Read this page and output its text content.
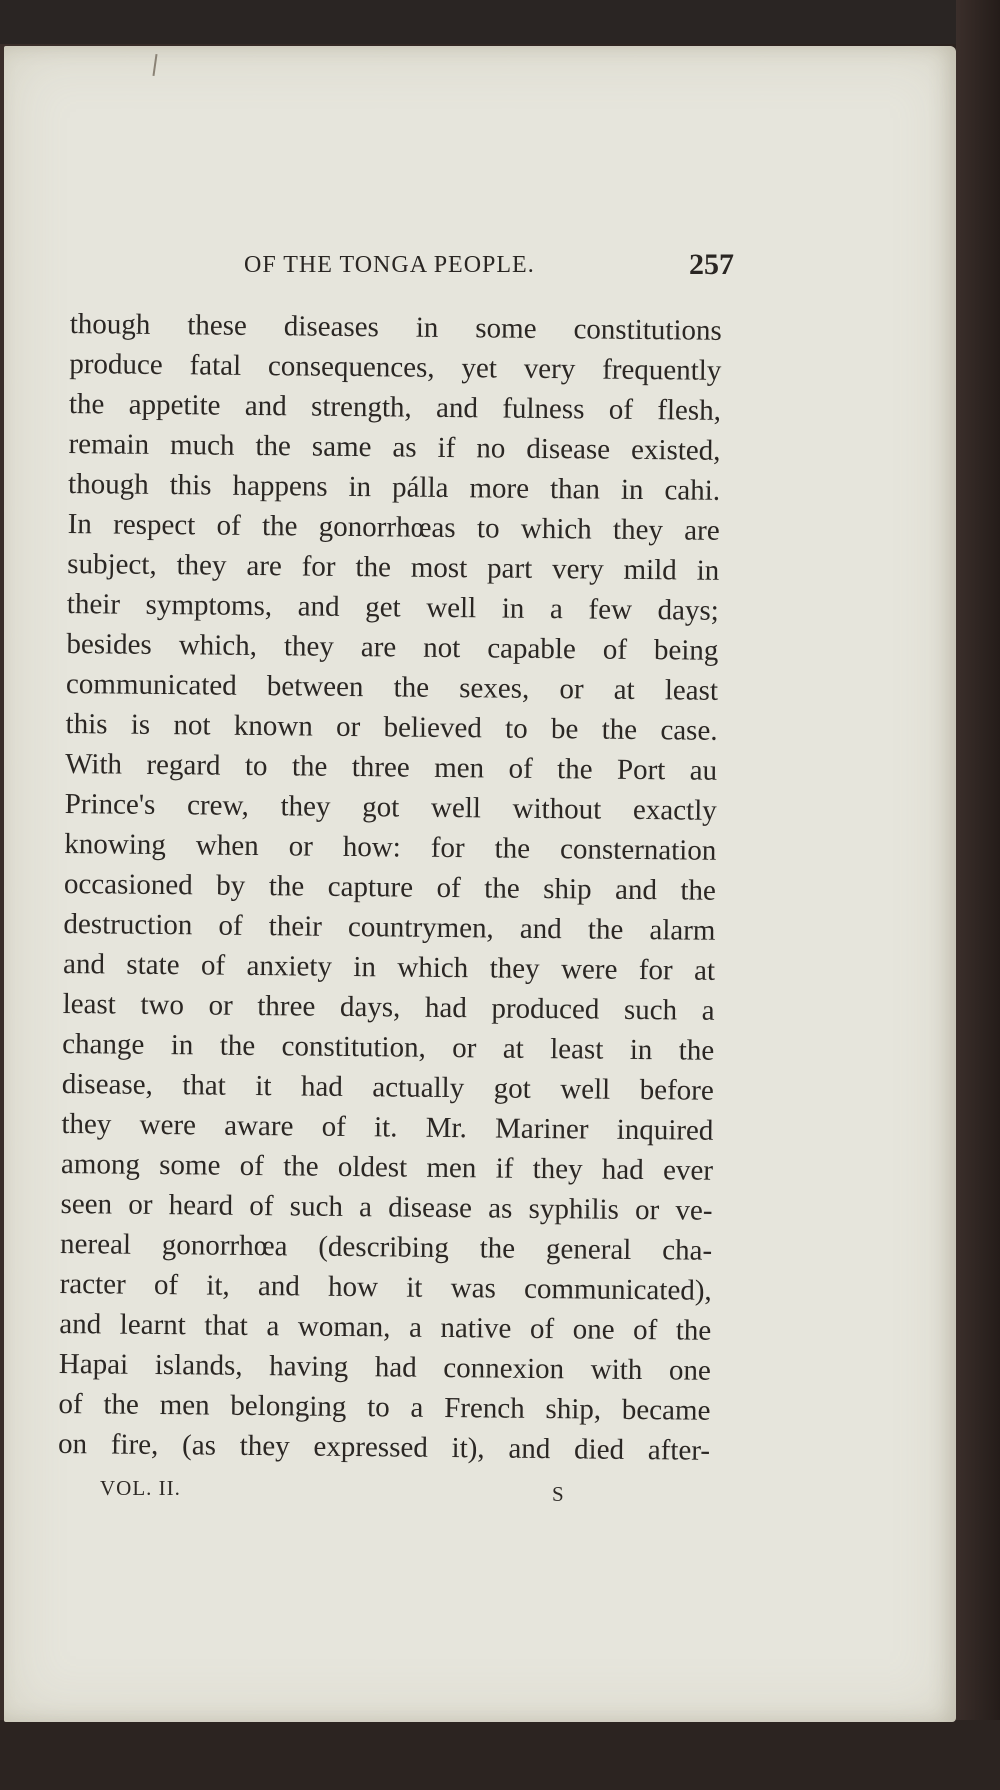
OF THE TONGA PEOPLE.	257
though these diseases in some constitutions
produce fatal consequences, yet very frequently
the appetite and strength, and fulness of flesh,
remain much the same as if no disease existed,
though this happens in pálla more than in cahi.
In respect of the gonorrhœas to which they are
subject, they are for the most part very mild in
their symptoms, and get well in a few days;
besides which, they are not capable of being
communicated between the sexes, or at least
this is not known or believed to be the case.
With regard to the three men of the Port au
Prince's crew, they got well without exactly
knowing when or how: for the consternation
occasioned by the capture of the ship and the
destruction of their countrymen, and the alarm
and state of anxiety in which they were for at
least two or three days, had produced such a
change in the constitution, or at least in the
disease, that it had actually got well before
they were aware of it. Mr. Mariner inquired
among some of the oldest men if they had ever
seen or heard of such a disease as syphilis or ve-
nereal gonorrhœa (describing the general cha-
racter of it, and how it was communicated),
and learnt that a woman, a native of one of the
Hapai islands, having had connexion with one
of the men belonging to a French ship, became
on fire, (as they expressed it), and died after-
VOL. II.	S
